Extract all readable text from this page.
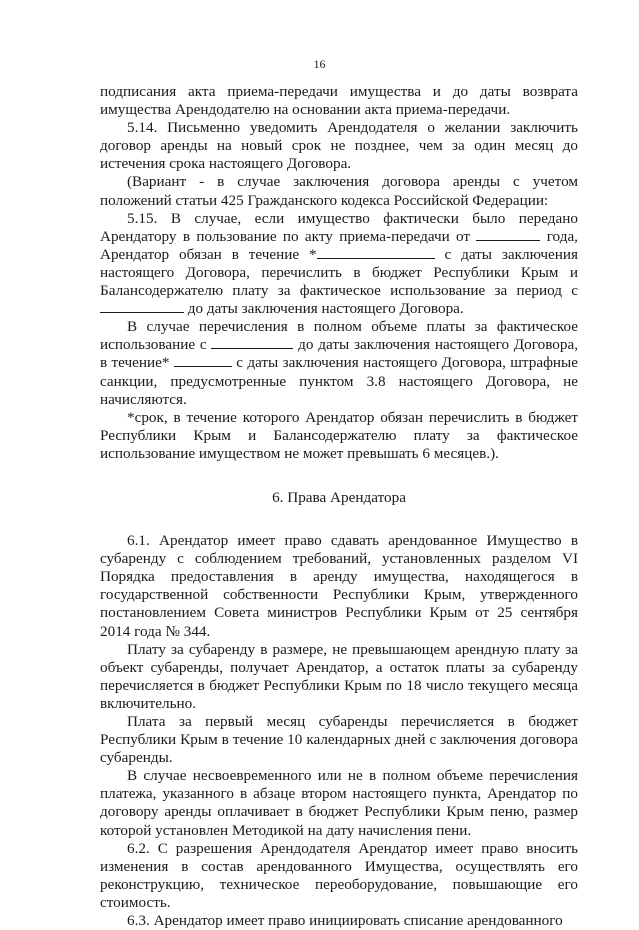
16

подписания акта приема-передачи имущества и до даты возврата имущества Арендодателю на основании акта приема-передачи.

5.14. Письменно уведомить Арендодателя о желании заключить договор аренды на новый срок не позднее, чем за один месяц до истечения срока настоящего Договора.

(Вариант - в случае заключения договора аренды с учетом положений статьи 425 Гражданского кодекса Российской Федерации:

5.15. В случае, если имущество фактически было передано Арендатору в пользование по акту приема-передачи от	года, Арендатор обязан в течение *	с даты заключения настоящего Договора, перечислить в бюджет Республики Крым и Балансодержателю плату за фактическое использование за период с  до даты заключения настоящего Договора.

В случае перечисления в полном объеме платы за фактическое использование с	до даты заключения настоящего Договора, в течение*	с даты заключения настоящего Договора, штрафные санкции, предусмотренные пунктом 3.8 настоящего Договора, не начисляются.

*срок, в течение которого Арендатор обязан перечислить в бюджет Республики Крым и Балансодержателю плату за фактическое использование имуществом не может превышать 6 месяцев.).

6. Права Арендатора

6.1. Арендатор имеет право сдавать арендованное Имущество в субаренду с соблюдением требований, установленных разделом VI Порядка предоставления в аренду имущества, находящегося в государственной собственности Республики Крым, утвержденного постановлением Совета министров Республики Крым от 25 сентября 2014 года № 344.

Плату за субаренду в размере, не превышающем арендную плату за объект субаренды, получает Арендатор, а остаток платы за субаренду перечисляется в бюджет Республики Крым по 18 число текущего месяца включительно.

Плата за первый месяц субаренды перечисляется в бюджет Республики Крым в течение 10 календарных дней с заключения договора субаренды.

В случае несвоевременного или не в полном объеме перечисления платежа, указанного в абзаце втором настоящего пункта, Арендатор по договору аренды оплачивает в бюджет Республики Крым пеню, размер которой установлен Методикой на дату начисления пени.

6.2. С разрешения Арендодателя Арендатор имеет право вносить изменения в состав арендованного Имущества, осуществлять его реконструкцию, техническое переоборудование, повышающие его стоимость.

6.3. Арендатор имеет право инициировать списание арендованного
